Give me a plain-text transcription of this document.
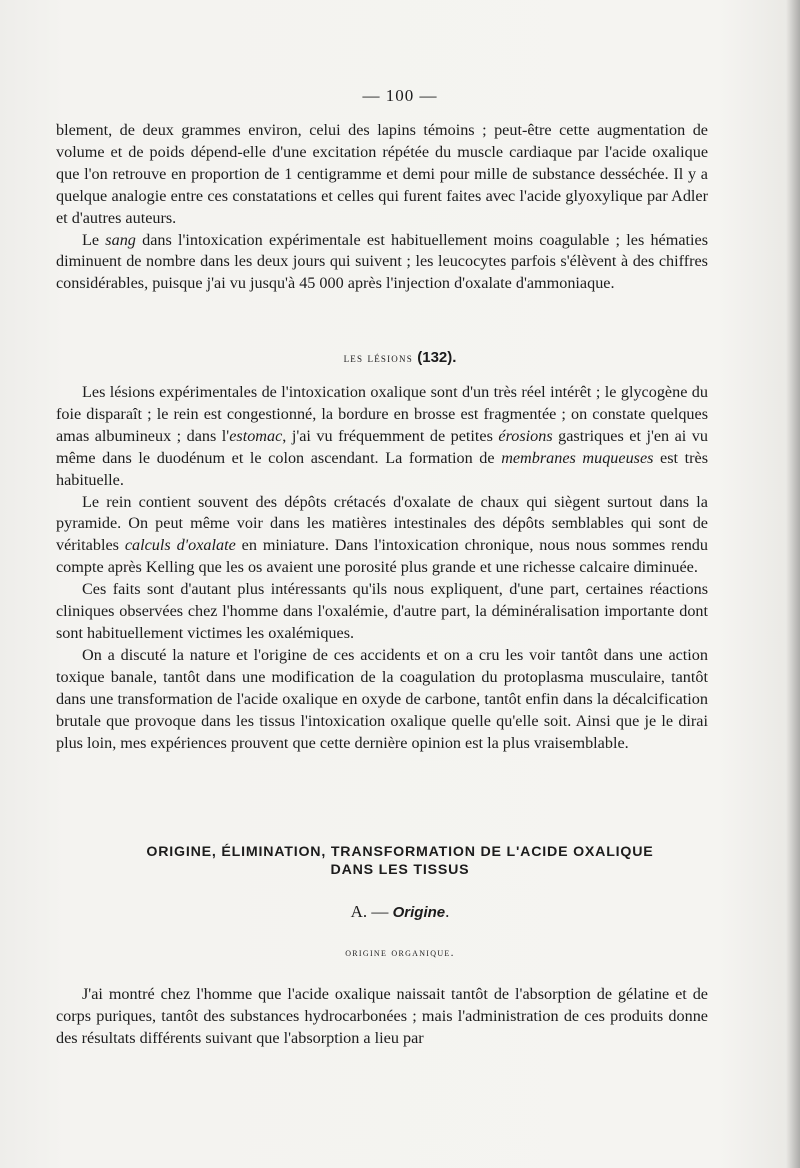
— 100 —

blement, de deux grammes environ, celui des lapins témoins ; peut-être cette augmentation de volume et de poids dépend-elle d'une excitation répétée du muscle cardiaque par l'acide oxalique que l'on retrouve en proportion de 1 centigramme et demi pour mille de substance desséchée. Il y a quelque analogie entre ces constatations et celles qui furent faites avec l'acide glyoxylique par Adler et d'autres auteurs.

Le sang dans l'intoxication expérimentale est habituellement moins coagulable ; les hématies diminuent de nombre dans les deux jours qui suivent ; les leucocytes parfois s'élèvent à des chiffres considérables, puisque j'ai vu jusqu'à 45 000 après l'injection d'oxalate d'ammoniaque.

les lésions (132).

Les lésions expérimentales de l'intoxication oxalique sont d'un très réel intérêt ; le glycogène du foie disparaît ; le rein est congestionné, la bordure en brosse est fragmentée ; on constate quelques amas albumineux ; dans l'estomac, j'ai vu fréquemment de petites érosions gastriques et j'en ai vu même dans le duodénum et le colon ascendant. La formation de membranes muqueuses est très habituelle.

Le rein contient souvent des dépôts crétacés d'oxalate de chaux qui siègent surtout dans la pyramide. On peut même voir dans les matières intestinales des dépôts semblables qui sont de véritables calculs d'oxalate en miniature. Dans l'intoxication chronique, nous nous sommes rendu compte après Kelling que les os avaient une porosité plus grande et une richesse calcaire diminuée.

Ces faits sont d'autant plus intéressants qu'ils nous expliquent, d'une part, certaines réactions cliniques observées chez l'homme dans l'oxalémie, d'autre part, la déminéralisation importante dont sont habituellement victimes les oxalémiques.

On a discuté la nature et l'origine de ces accidents et on a cru les voir tantôt dans une action toxique banale, tantôt dans une modification de la coagulation du protoplasma musculaire, tantôt dans une transformation de l'acide oxalique en oxyde de carbone, tantôt enfin dans la décalcification brutale que provoque dans les tissus l'intoxication oxalique quelle qu'elle soit. Ainsi que je le dirai plus loin, mes expériences prouvent que cette dernière opinion est la plus vraisemblable.

ORIGINE, ÉLIMINATION, TRANSFORMATION DE L'ACIDE OXALIQUE
DANS LES TISSUS
A. — Origine.
origine organique.

J'ai montré chez l'homme que l'acide oxalique naissait tantôt de l'absorption de gélatine et de corps puriques, tantôt des substances hydrocarbonées ; mais l'administration de ces produits donne des résultats différents suivant que l'absorption a lieu par
